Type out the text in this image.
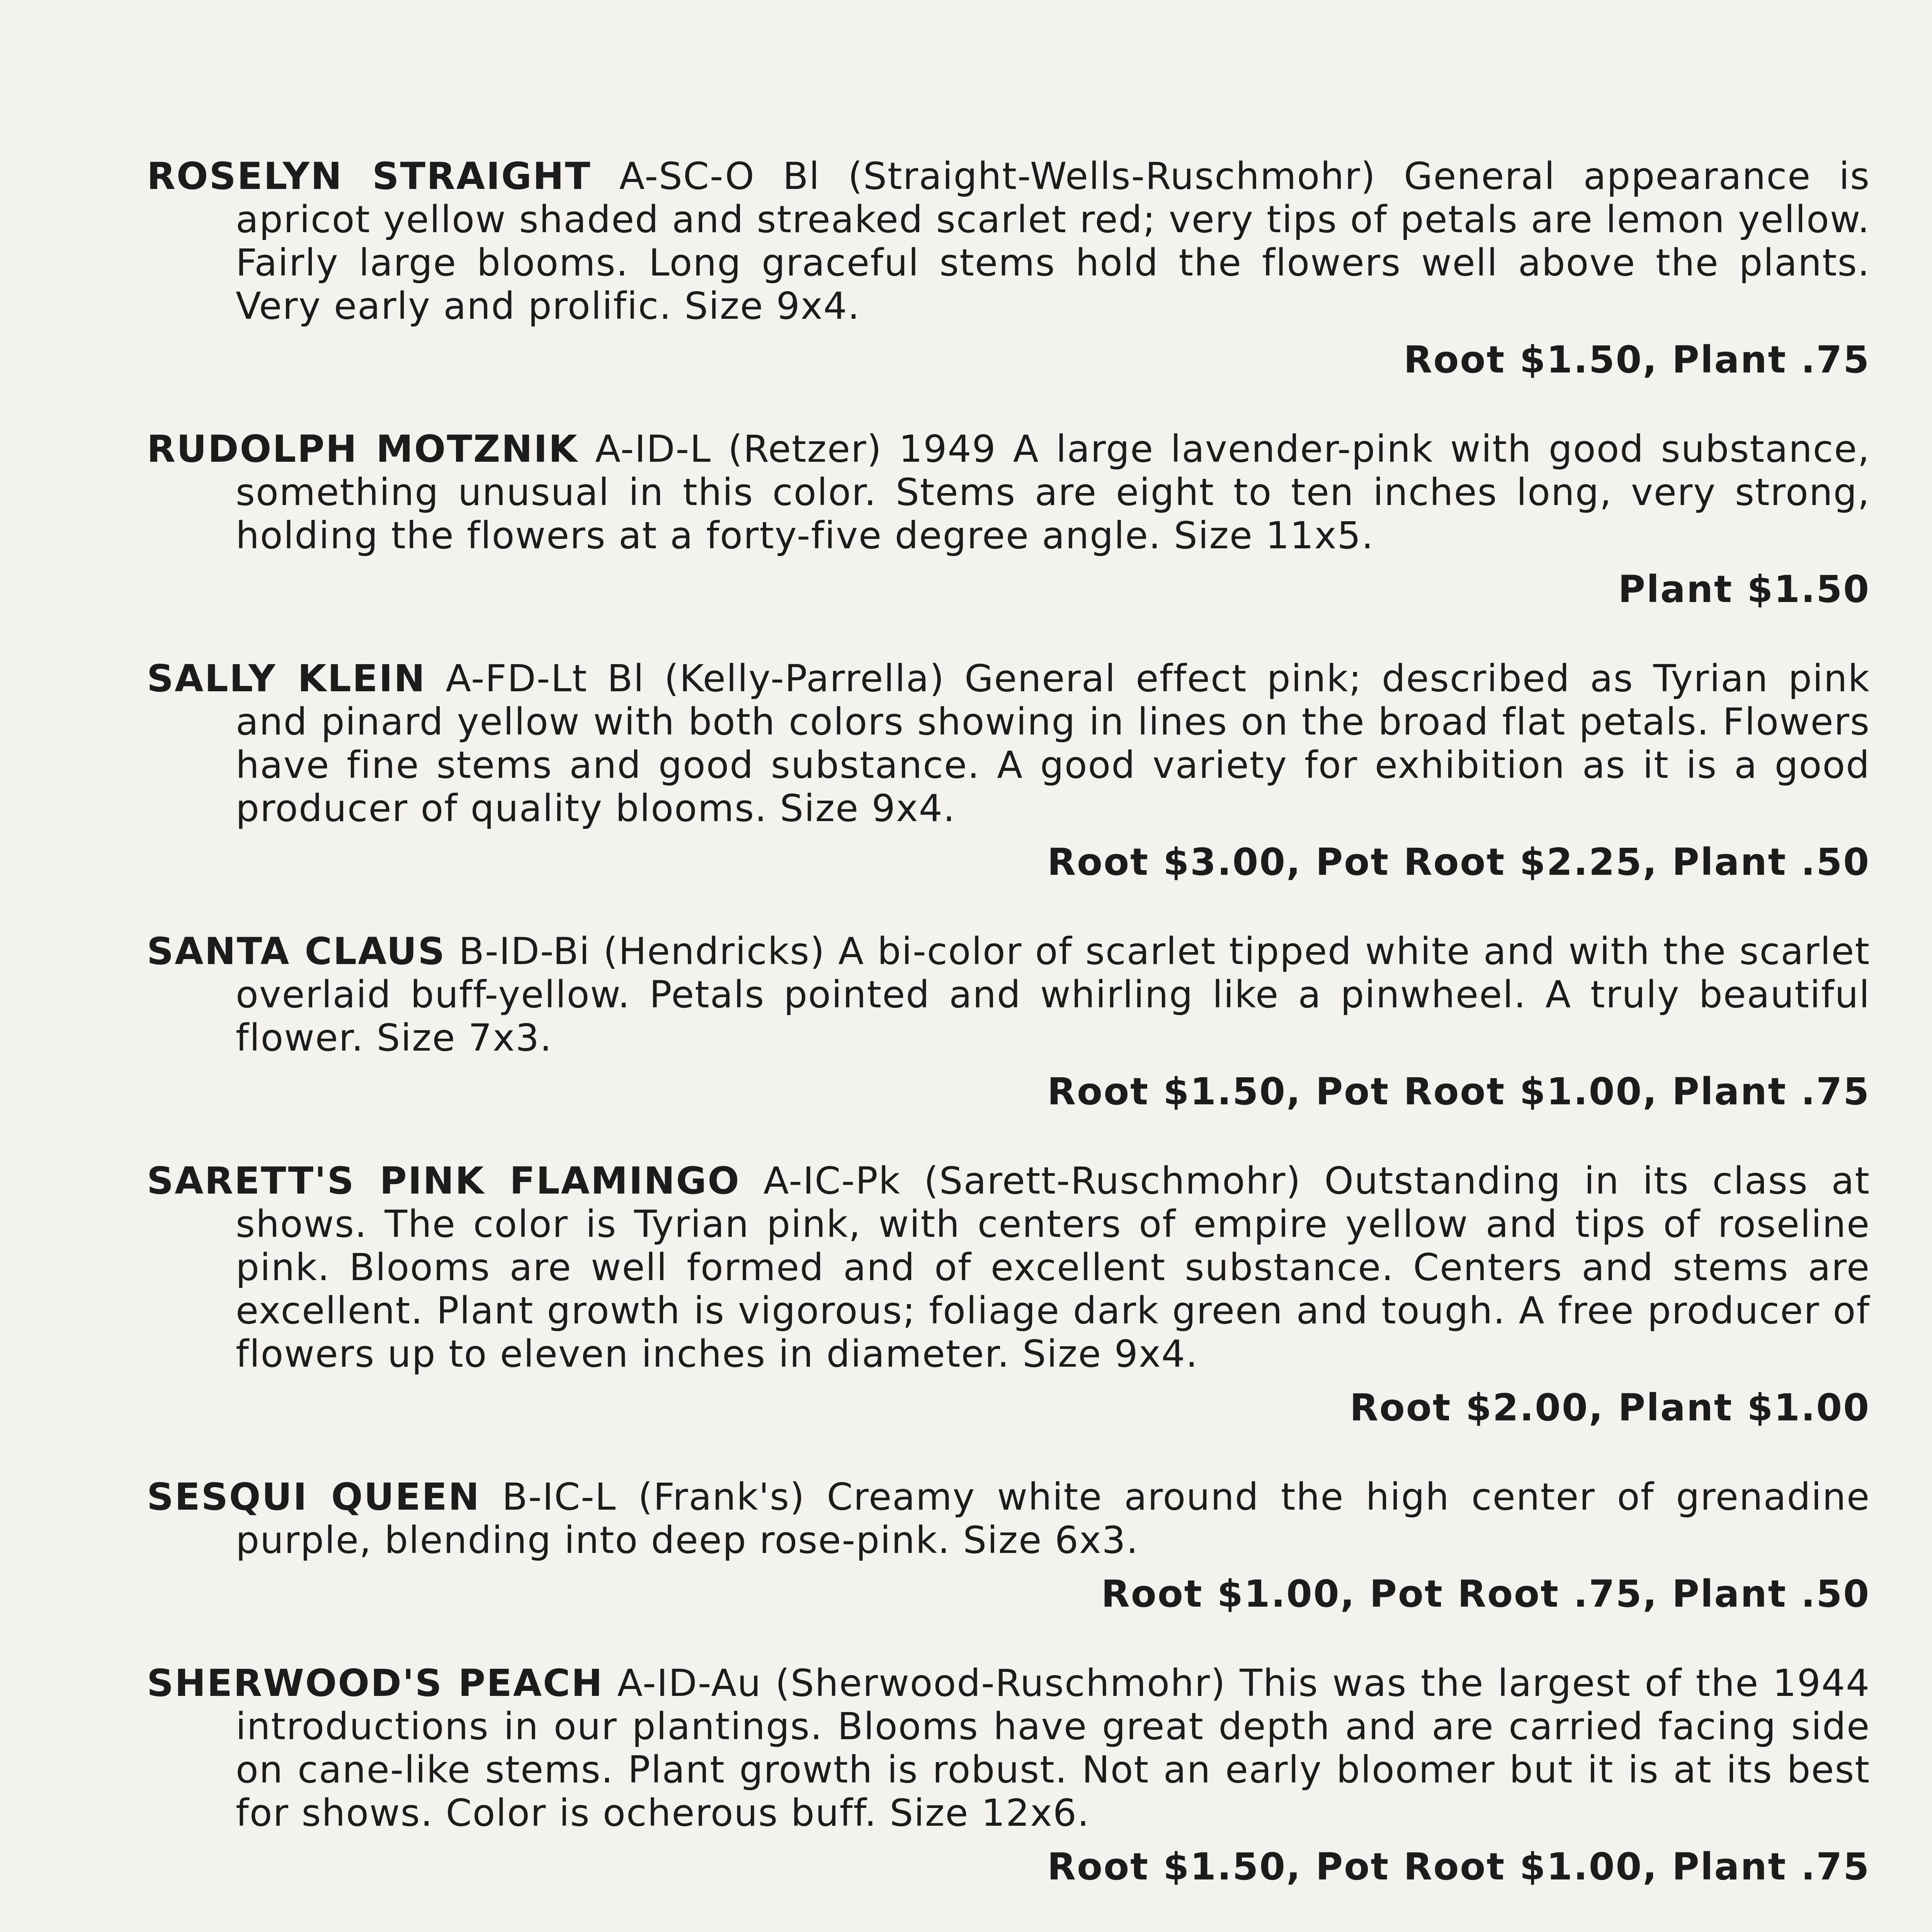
ROSELYN STRAIGHT A-SC-O Bl (Straight-Wells-Ruschmohr) General appearance is apricot yellow shaded and streaked scarlet red; very tips of petals are lemon yellow. Fairly large blooms. Long graceful stems hold the flowers well above the plants. Very early and prolific. Size 9x4.
Root $1.50, Plant .75
RUDOLPH MOTZNIK A-ID-L (Retzer) 1949 A large lavender-pink with good substance, something unusual in this color. Stems are eight to ten inches long, very strong, holding the flowers at a forty-five degree angle. Size 11x5.
Plant $1.50
SALLY KLEIN A-FD-Lt Bl (Kelly-Parrella) General effect pink; described as Tyrian pink and pinard yellow with both colors showing in lines on the broad flat petals. Flowers have fine stems and good substance. A good variety for exhibition as it is a good producer of quality blooms. Size 9x4.
Root $3.00, Pot Root $2.25, Plant .50
SANTA CLAUS B-ID-Bi (Hendricks) A bi-color of scarlet tipped white and with the scarlet overlaid buff-yellow. Petals pointed and whirling like a pinwheel. A truly beautiful flower. Size 7x3.
Root $1.50, Pot Root $1.00, Plant .75
SARETT'S PINK FLAMINGO A-IC-Pk (Sarett-Ruschmohr) Outstanding in its class at shows. The color is Tyrian pink, with centers of empire yellow and tips of roseline pink. Blooms are well formed and of excellent substance. Centers and stems are excellent. Plant growth is vigorous; foliage dark green and tough. A free producer of flowers up to eleven inches in diameter. Size 9x4.
Root $2.00, Plant $1.00
SESQUI QUEEN B-IC-L (Frank's) Creamy white around the high center of grenadine purple, blending into deep rose-pink. Size 6x3.
Root $1.00, Pot Root .75, Plant .50
SHERWOOD'S PEACH A-ID-Au (Sherwood-Ruschmohr) This was the largest of the 1944 introductions in our plantings. Blooms have great depth and are carried facing side on cane-like stems. Plant growth is robust. Not an early bloomer but it is at its best for shows. Color is ocherous buff. Size 12x6.
Root $1.50, Pot Root $1.00, Plant .75
